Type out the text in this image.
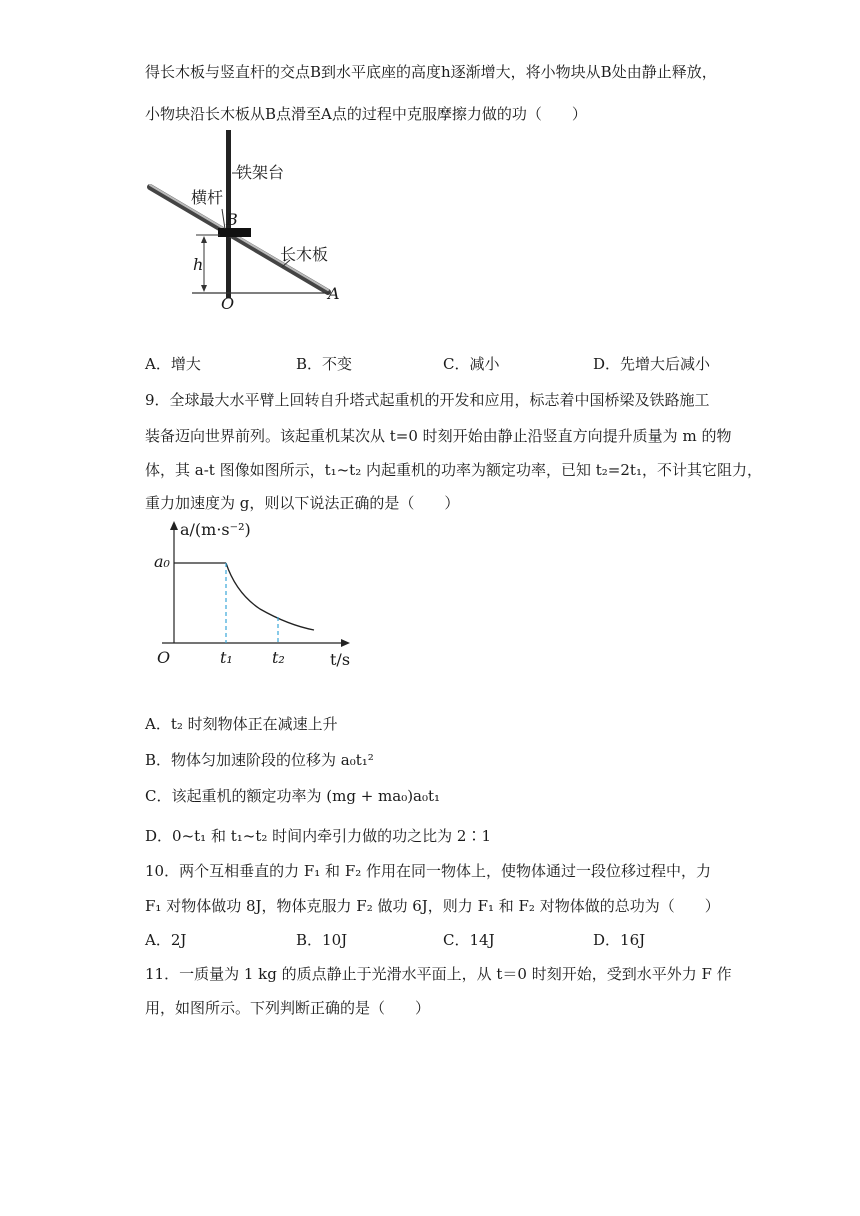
得长木板与竖直杆的交点B到水平底座的高度h逐渐增大，将小物块从B处由静止释放，
小物块沿长木板从B点滑至A点的过程中克服摩擦力做的功（　　）
铁架台
横杆
B
长木板
h
O
A
A．增大	B．不变	C．减小	D．先增大后减小
9．全球最大水平臂上回转自升塔式起重机的开发和应用，标志着中国桥梁及铁路施工
装备迈向世界前列。该起重机某次从 t=0 时刻开始由静止沿竖直方向提升质量为 m 的物
体，其 a-t 图像如图所示，t₁~t₂ 内起重机的功率为额定功率，已知 t₂=2t₁，不计其它阻力，
重力加速度为 g，则以下说法正确的是（　　）
a/(m·s⁻²)
t/s
O
a₀
t₁ t₂
A．t₂ 时刻物体正在减速上升
B．物体匀加速阶段的位移为 a₀t₁²
C．该起重机的额定功率为 (mg + ma₀)a₀t₁
D．0~t₁ 和 t₁~t₂ 时间内牵引力做的功之比为 2∶1
10．两个互相垂直的力 F₁ 和 F₂ 作用在同一物体上，使物体通过一段位移过程中，力
F₁ 对物体做功 8J，物体克服力 F₂ 做功 6J，则力 F₁ 和 F₂ 对物体做的总功为（　　）
A．2J	B．10J	C．14J	D．16J
11．一质量为 1 kg 的质点静止于光滑水平面上，从 t＝0 时刻开始，受到水平外力 F 作
用，如图所示。下列判断正确的是（　　）
